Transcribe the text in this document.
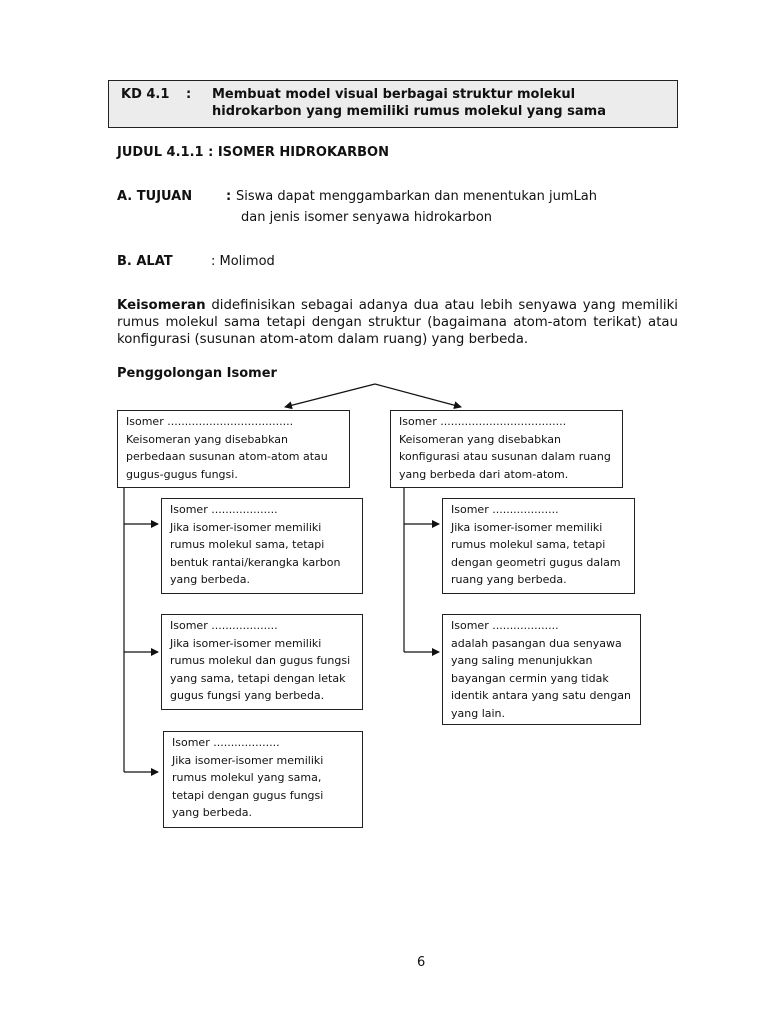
KD 4.1 : Membuat model visual berbagai struktur molekul
hidrokarbon yang memiliki rumus molekul yang sama
JUDUL 4.1.1 : ISOMER HIDROKARBON
A. TUJUAN	: Siswa dapat menggambarkan dan menentukan jumLah
dan jenis isomer senyawa hidrokarbon
B. ALAT	: Molimod
Keisomeran didefinisikan sebagai adanya dua atau lebih senyawa yang memiliki rumus molekul sama tetapi dengan struktur (bagaimana atom-atom terikat) atau konfigurasi (susunan atom-atom dalam ruang) yang berbeda.
Penggolongan Isomer
Isomer ....................................
Keisomeran yang disebabkan
perbedaan susunan atom-atom atau
gugus-gugus fungsi.
Isomer ....................................
Keisomeran yang disebabkan
konfigurasi atau susunan dalam ruang
yang berbeda dari atom-atom.
Isomer ...................
Jika isomer-isomer memiliki
rumus molekul sama, tetapi
bentuk rantai/kerangka karbon
yang berbeda.
Isomer ...................
Jika isomer-isomer memiliki
rumus molekul dan gugus fungsi
yang sama, tetapi dengan letak
gugus fungsi yang berbeda.
Isomer ...................
Jika isomer-isomer memiliki
rumus molekul yang sama,
tetapi dengan gugus fungsi
yang berbeda.
Isomer ...................
Jika isomer-isomer memiliki
rumus molekul sama, tetapi
dengan geometri gugus dalam
ruang yang berbeda.
Isomer ...................
adalah pasangan dua senyawa
yang saling menunjukkan
bayangan cermin yang tidak
identik antara yang satu dengan
yang lain.
6
